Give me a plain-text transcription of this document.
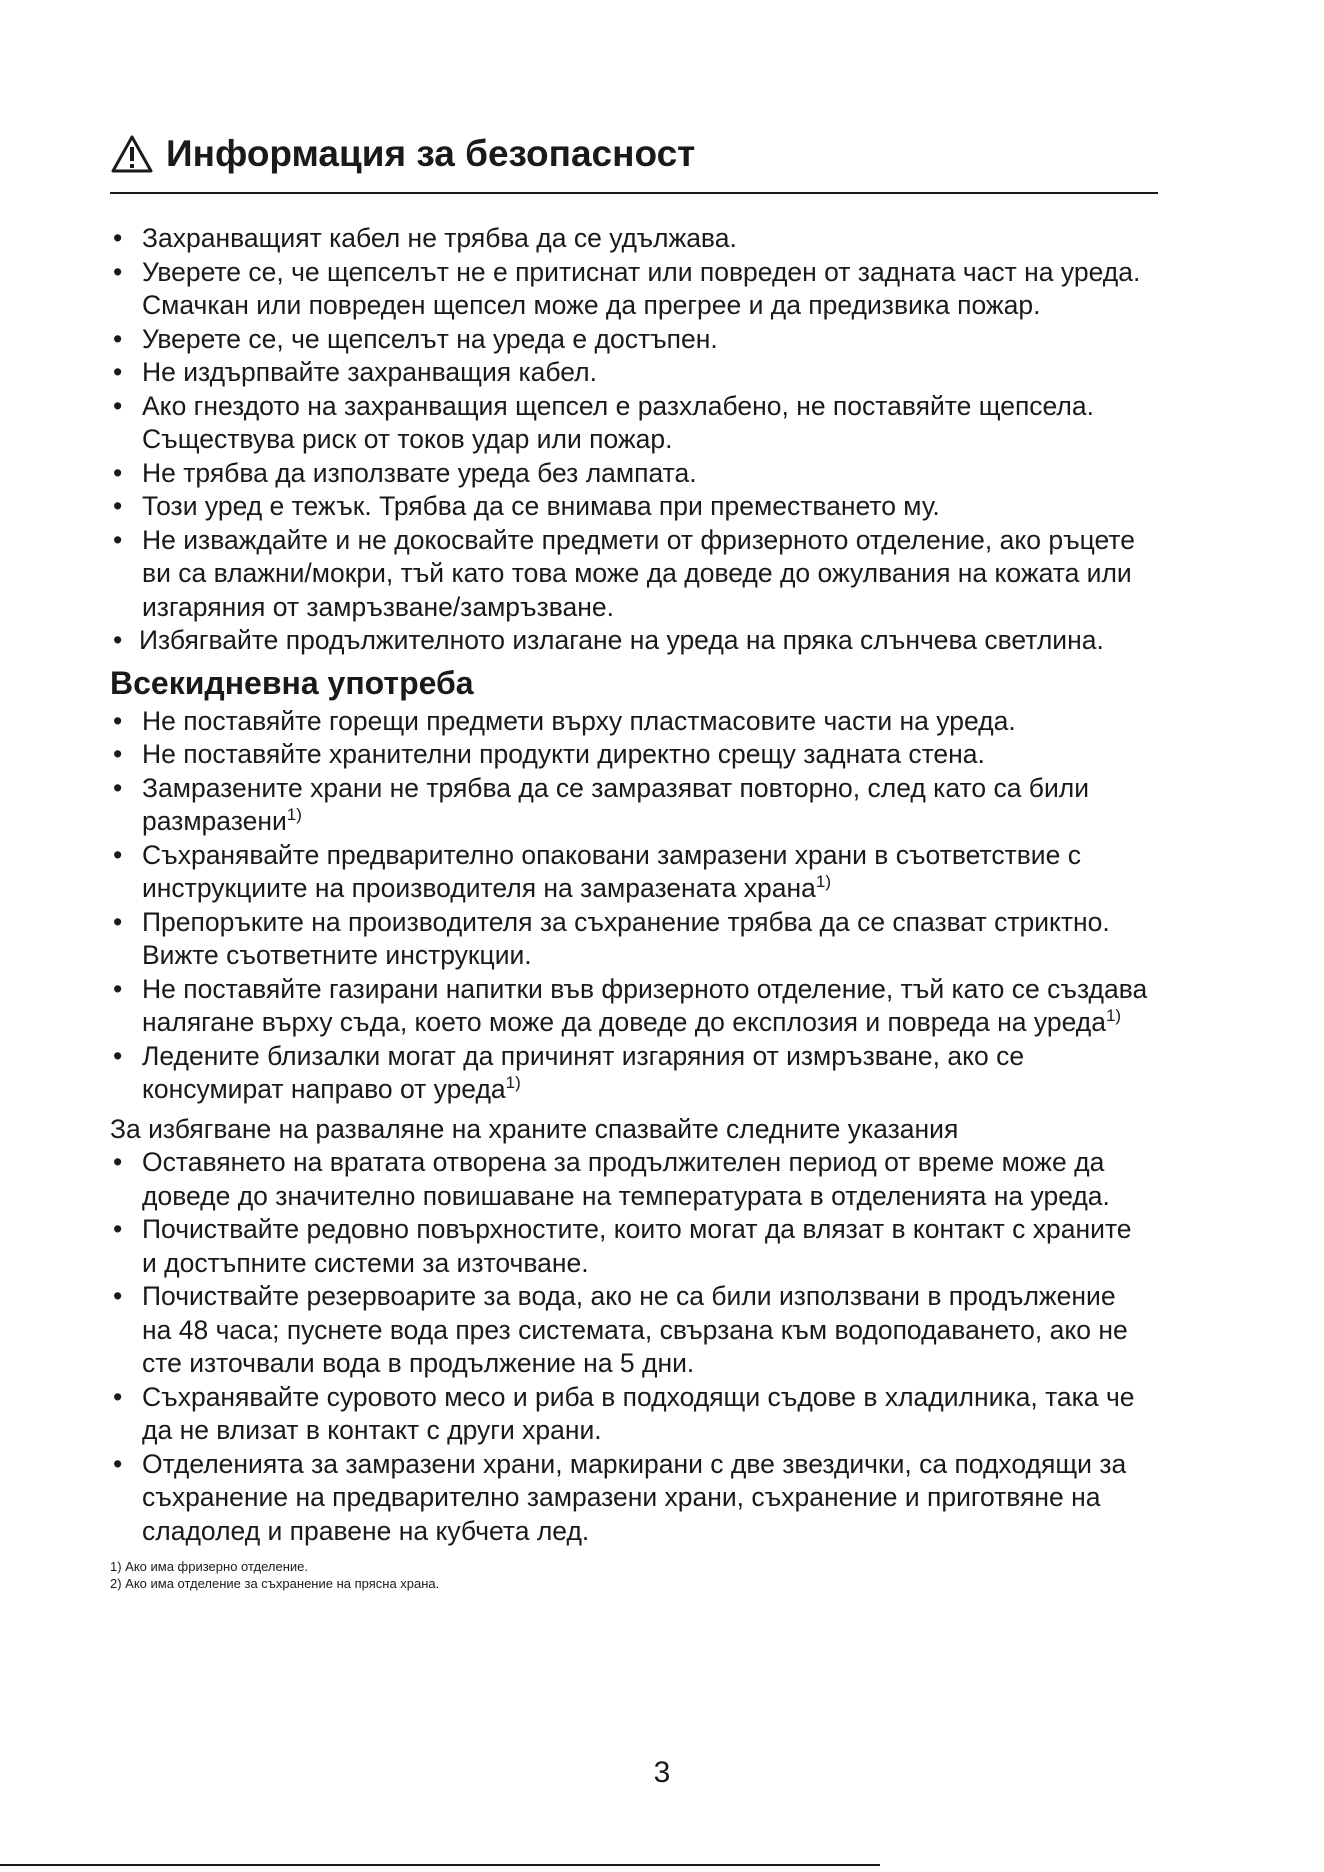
Информация за безопасност
• Захранващият кабел не трябва да се удължава.
• Уверете се, че щепселът не е притиснат или повреден от задната част на уреда. Смачкан или повреден щепсел може да прегрее и да предизвика пожар.
• Уверете се, че щепселът на уреда е достъпен.
• Не издърпвайте захранващия кабел.
• Ако гнездото на захранващия щепсел е разхлабено, не поставяйте щепсела. Съществува риск от токов удар или пожар.
• Не трябва да използвате уреда без лампата.
• Този уред е тежък. Трябва да се внимава при преместването му.
• Не изваждайте и не докосвайте предмети от фризерното отделение, ако ръцете ви са влажни/мокри, тъй като това може да доведе до ожулвания на кожата или изгаряния от замръзване/замръзване.

• Избягвайте продължителното излагане на уреда на пряка слънчева светлина.

Всекидневна употреба
• Не поставяйте горещи предмети върху пластмасовите части на уреда.
• Не поставяйте хранителни продукти директно срещу задната стена.
• Замразените храни не трябва да се замразяват повторно, след като са били размразени$^{1)}$
• Съхранявайте предварително опаковани замразени храни в съответствие с инструкциите на производителя на замразената храна$^{1)}$
• Препоръките на производителя за съхранение трябва да се спазват стриктно. Вижте съответните инструкции.
• Не поставяйте газирани напитки във фризерното отделение, тъй като се създава налягане върху съда, което може да доведе до експлозия и повреда на уреда$^{1)}$
• Ледените близалки могат да причинят изгаряния от измръзване, ако се консумират направо от уреда$^{1)}$

За избягване на разваляне на храните спазвайте следните указания

• Оставянето на вратата отворена за продължителен период от време може да доведе до значително повишаване на температурата в отделенията на уреда.
• Почиствайте редовно повърхностите, които могат да влязат в контакт с храните и достъпните системи за източване.
• Почиствайте резервоарите за вода, ако не са били използвани в продължение на 48 часа; пуснете вода през системата, свързана към водоподаването, ако не сте източвали вода в продължение на 5 дни.
• Съхранявайте суровото месо и риба в подходящи съдове в хладилника, така че да не влизат в контакт с други храни.
• Отделенията за замразени храни, маркирани с две звездички, са подходящи за съхранение на предварително замразени храни, съхранение и приготвяне на сладолед и правене на кубчета лед.
1) Ако има фризерно отделение.
2) Ако има отделение за съхранение на прясна храна.
3
